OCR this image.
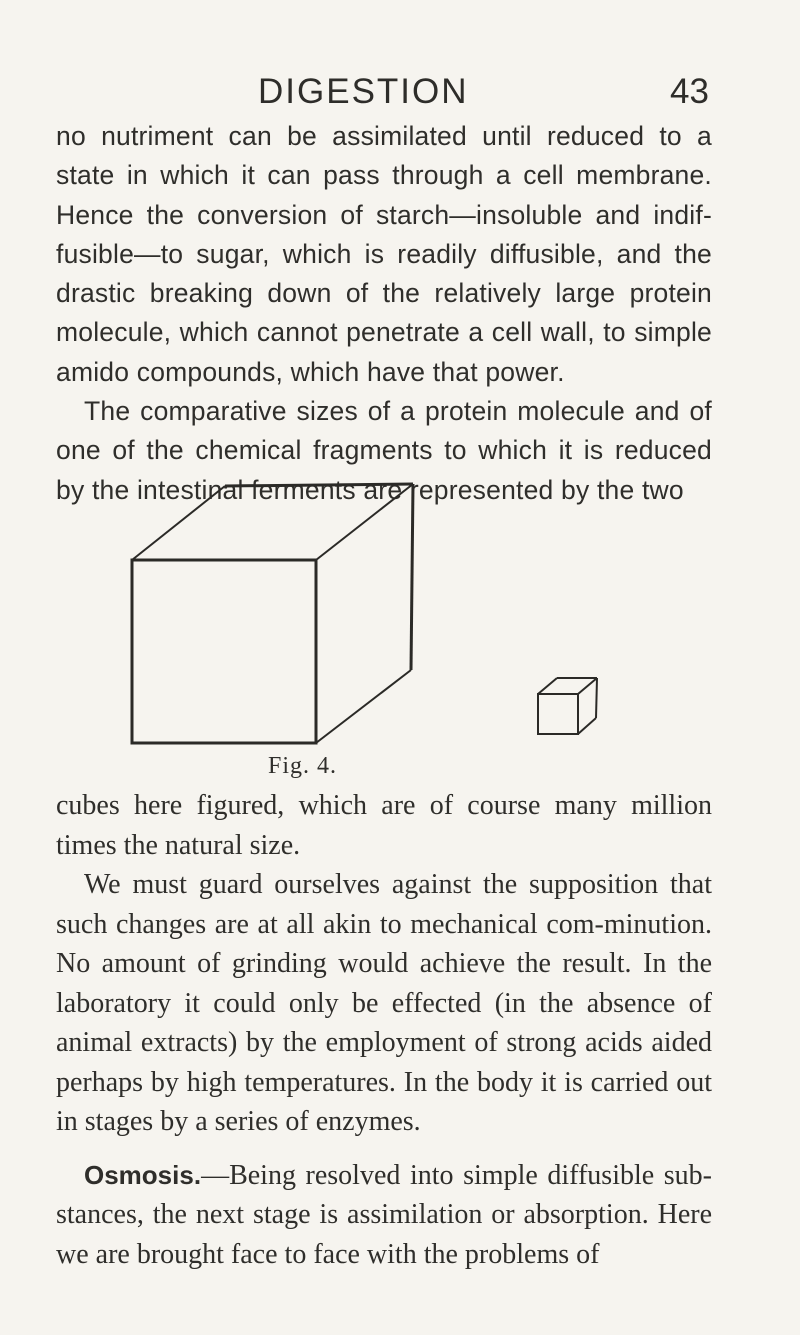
DIGESTION	43

no nutriment can be assimilated until reduced to a state in which it can pass through a cell membrane. Hence the conversion of starch—insoluble and indif-fusible—to sugar, which is readily diffusible, and the drastic breaking down of the relatively large protein molecule, which cannot penetrate a cell wall, to simple amido compounds, which have that power.

The comparative sizes of a protein molecule and of one of the chemical fragments to which it is reduced by the intestinal ferments are represented by the two

Fig. 4.

cubes here figured, which are of course many million times the natural size.

We must guard ourselves against the supposition that such changes are at all akin to mechanical com-minution. No amount of grinding would achieve the result. In the laboratory it could only be effected (in the absence of animal extracts) by the employment of strong acids aided perhaps by high temperatures. In the body it is carried out in stages by a series of enzymes.

Osmosis.—Being resolved into simple diffusible sub-stances, the next stage is assimilation or absorption. Here we are brought face to face with the problems of
